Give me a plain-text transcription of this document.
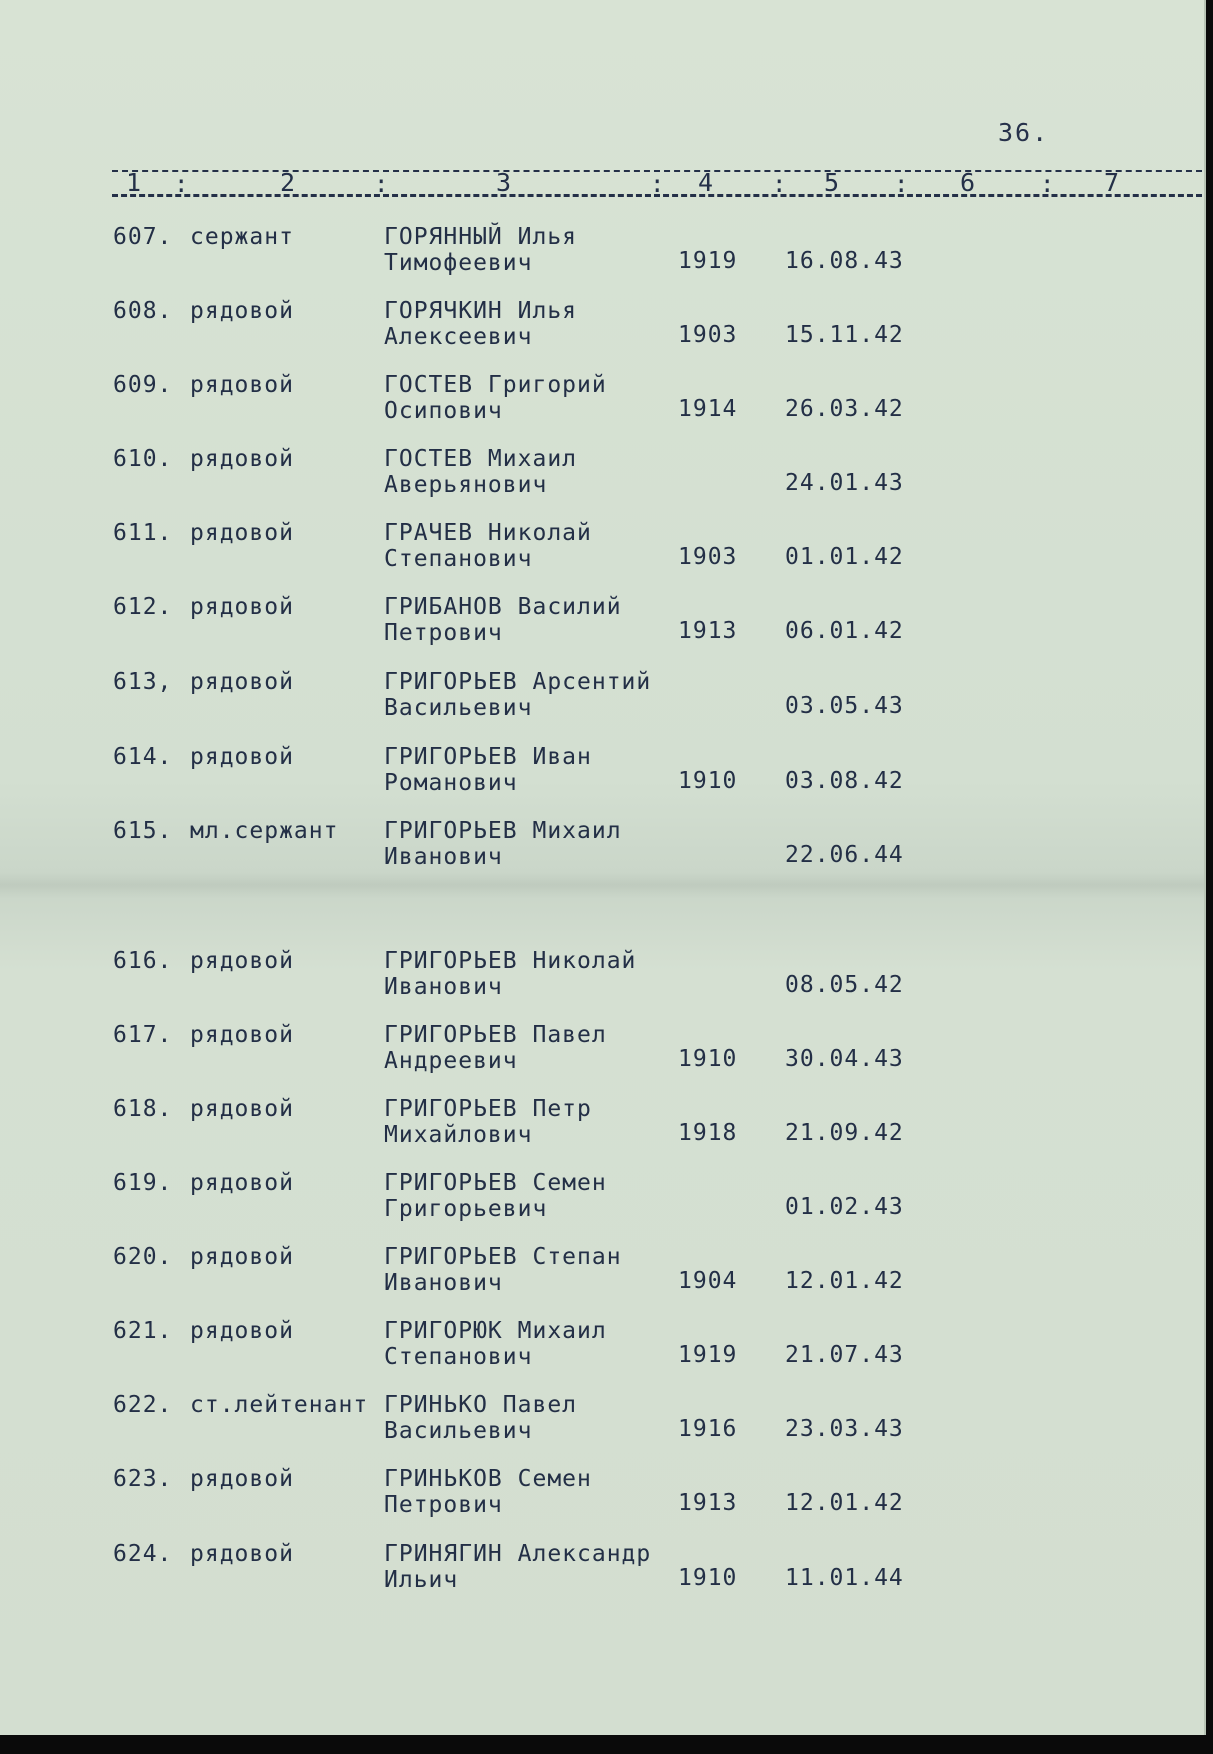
36.
1 :	2	:	3	: 4 : 5 : 6	: 7
607. сержант	ГОРЯННЫЙ Илья
Тимофеевич	1919 16.08.43
608. рядовой	ГОРЯЧКИН Илья
Алексеевич	1903 15.11.42
609. рядовой	ГОСТЕВ Григорий
Осипович	1914 26.03.42
610. рядовой	ГОСТЕВ Михаил
Аверьянович	24.01.43
611. рядовой	ГРАЧЕВ Николай
Степанович	1903 01.01.42
612. рядовой	ГРИБАНОВ Василий
Петрович	1913 06.01.42
613, рядовой	ГРИГОРЬЕВ Арсентий
Васильевич	03.05.43
614. рядовой	ГРИГОРЬЕВ Иван
Романович	1910 03.08.42
615. мл.сержант ГРИГОРЬЕВ Михаил
Иванович	22.06.44
616. рядовой	ГРИГОРЬЕВ Николай
Иванович	08.05.42
617. рядовой	ГРИГОРЬЕВ Павел
Андреевич	1910 30.04.43
618. рядовой	ГРИГОРЬЕВ Петр
Михайлович	1918 21.09.42
619. рядовой	ГРИГОРЬЕВ Семен
Григорьевич	01.02.43
620. рядовой	ГРИГОРЬЕВ Степан
Иванович	1904 12.01.42
621. рядовой	ГРИГОРЮК Михаил
Степанович	1919 21.07.43
622. ст.лейтенант ГРИНЬКО Павел
Васильевич	1916 23.03.43
623. рядовой	ГРИНЬКОВ Семен
Петрович	1913 12.01.42
624. рядовой	ГРИНЯГИН Александр
Ильич	1910 11.01.44
